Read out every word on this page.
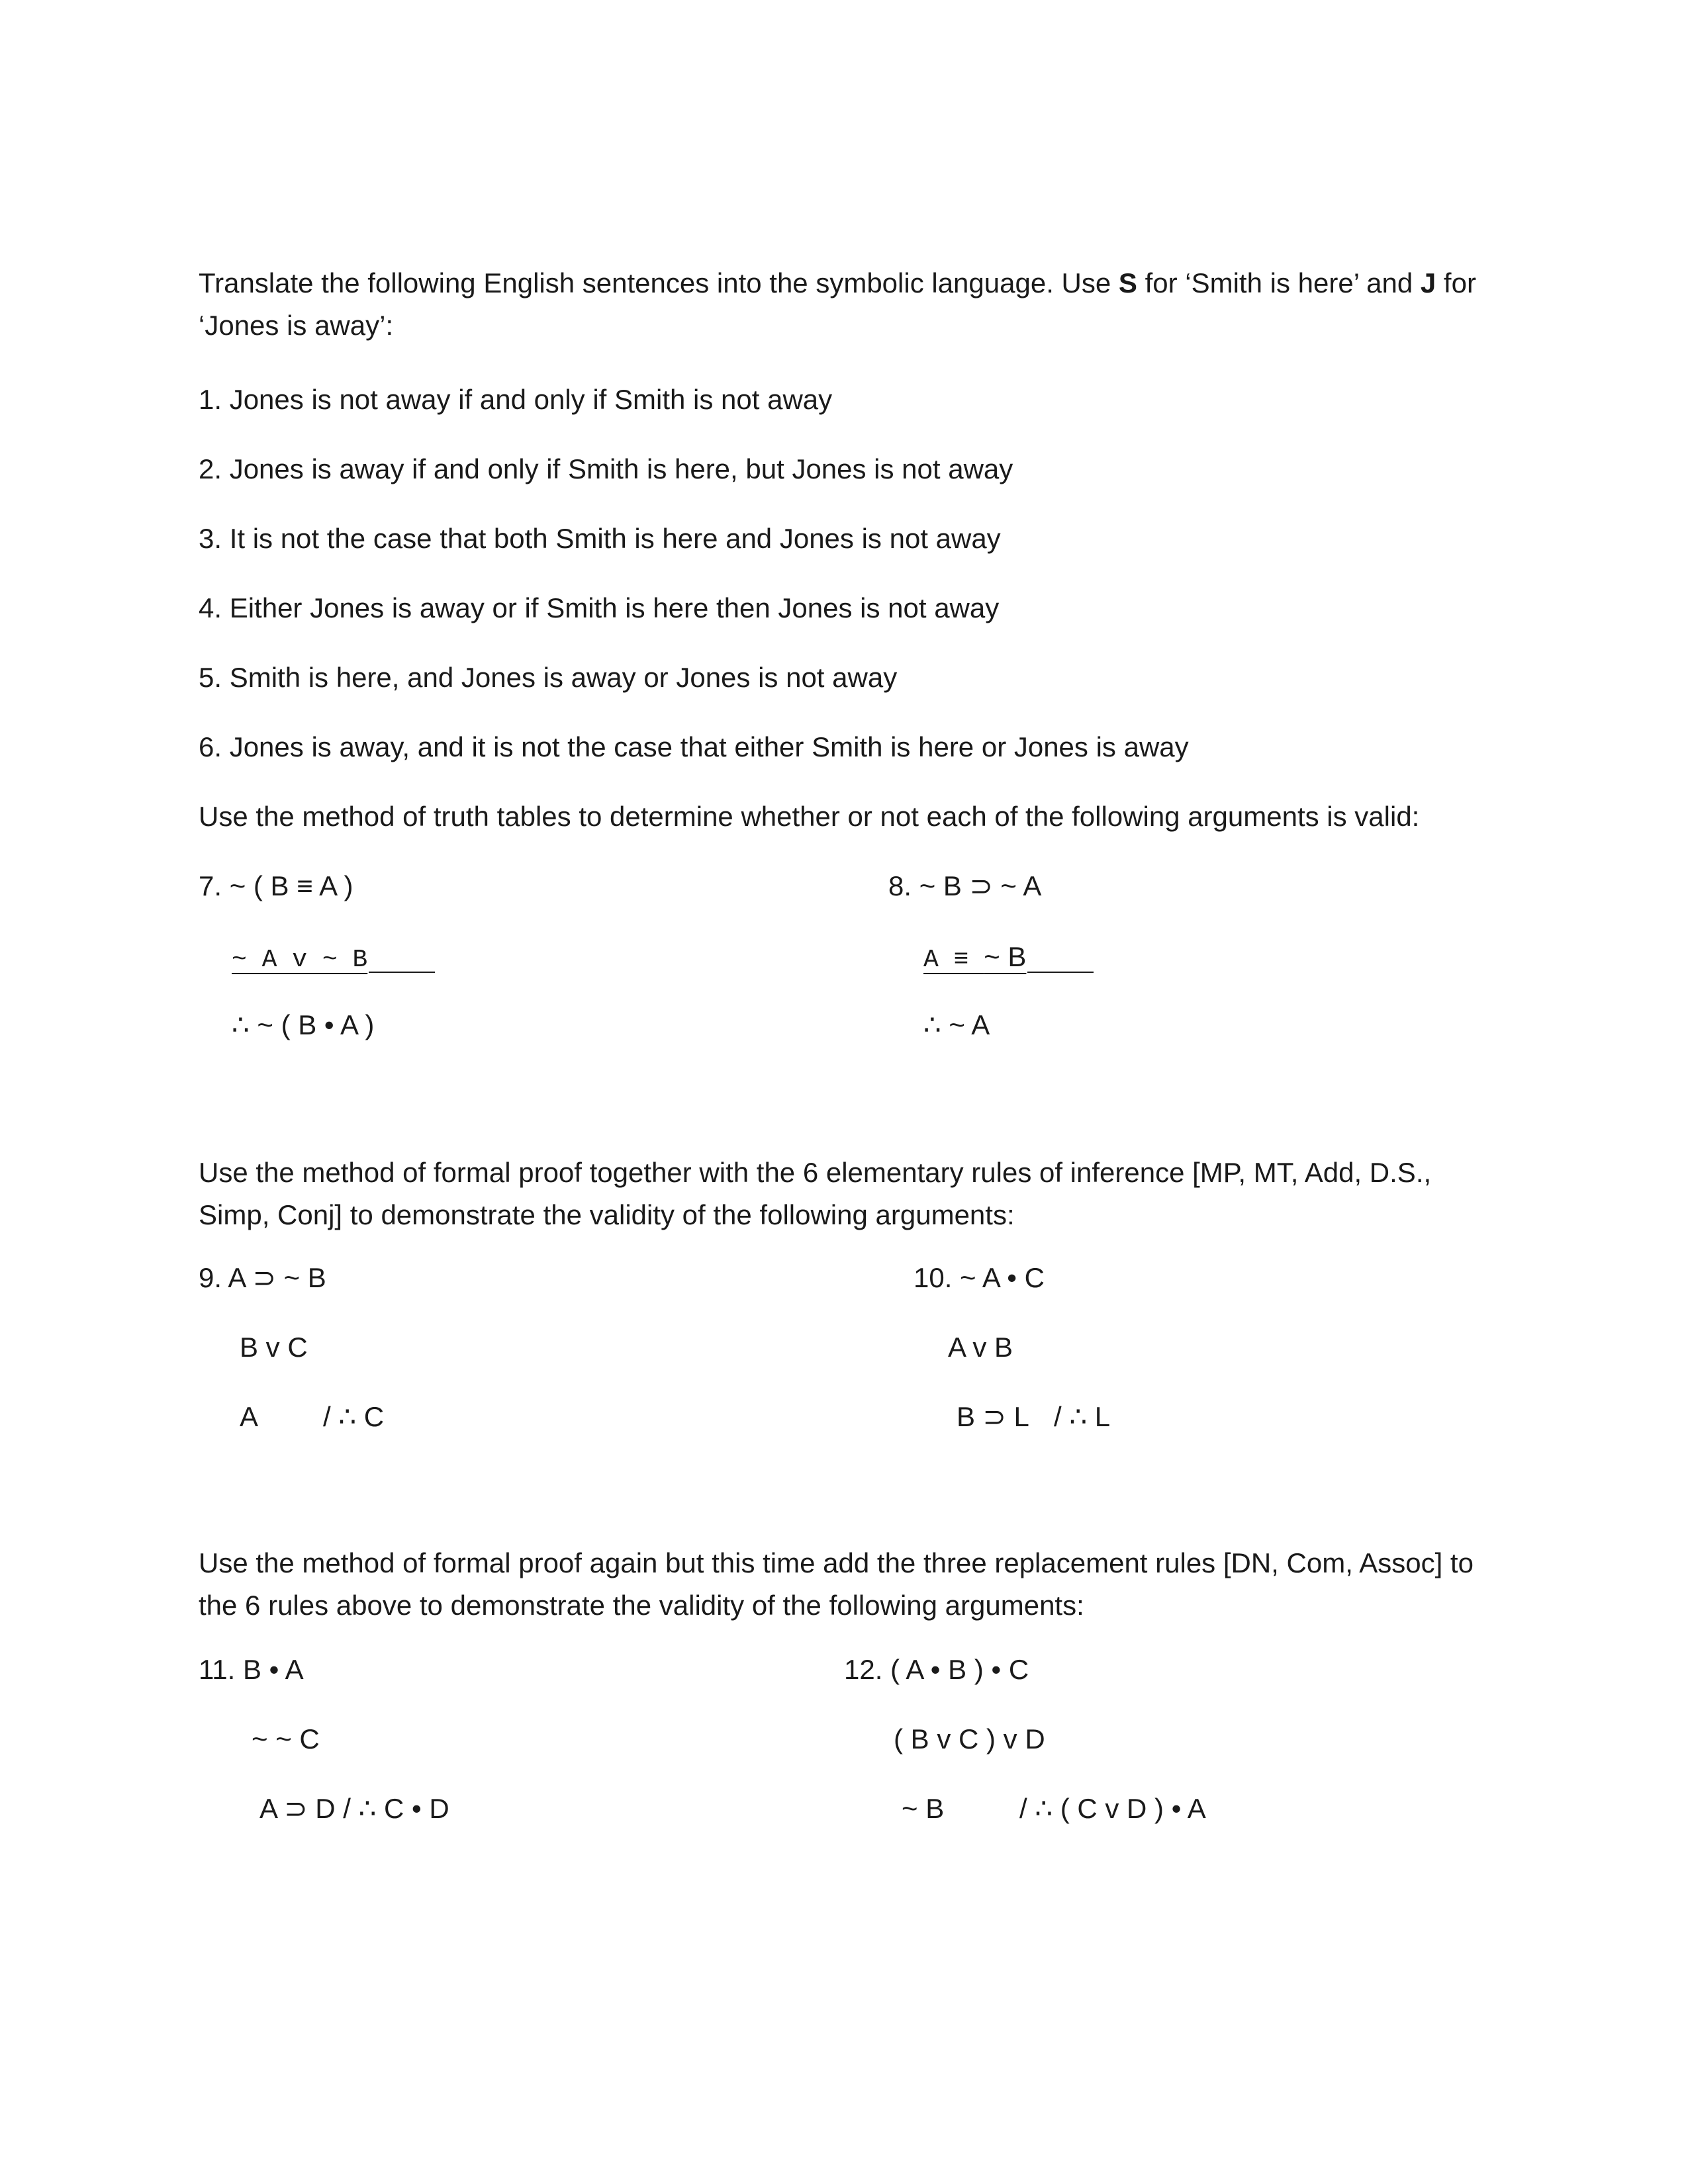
Translate the following English sentences into the symbolic language. Use S for ‘Smith is here’ and J for ‘Jones is away’:
1. Jones is not away if and only if Smith is not away
2. Jones is away if and only if Smith is here, but Jones is not away
3. It is not the case that both Smith is here and Jones is not away
4. Either Jones is away or if Smith is here then Jones is not away
5. Smith is here, and Jones is away or Jones is not away
6. Jones is away, and it is not the case that either Smith is here or Jones is away
Use the method of truth tables to determine whether or not each of the following arguments is valid:
7. ~ ( B ≡ A )
~ A v ~ B
∴ ~ ( B • A )
8. ~ B ⊃ ~ A
A ≡ ~ B
∴ ~ A
Use the method of formal proof together with the 6 elementary rules of inference [MP, MT, Add, D.S., Simp, Conj] to demonstrate the validity of the following arguments:
9. A ⊃ ~ B
B v C
A / ∴ C
10. ~ A • C
A v B
B ⊃ L / ∴ L
Use the method of formal proof again but this time add the three replacement rules [DN, Com, Assoc] to the 6 rules above to demonstrate the validity of the following arguments:
11. B • A
~ ~ C
A ⊃ D / ∴ C • D
12. ( A • B ) • C
( B v C ) v D
~ B	/ ∴ ( C v D ) • A
